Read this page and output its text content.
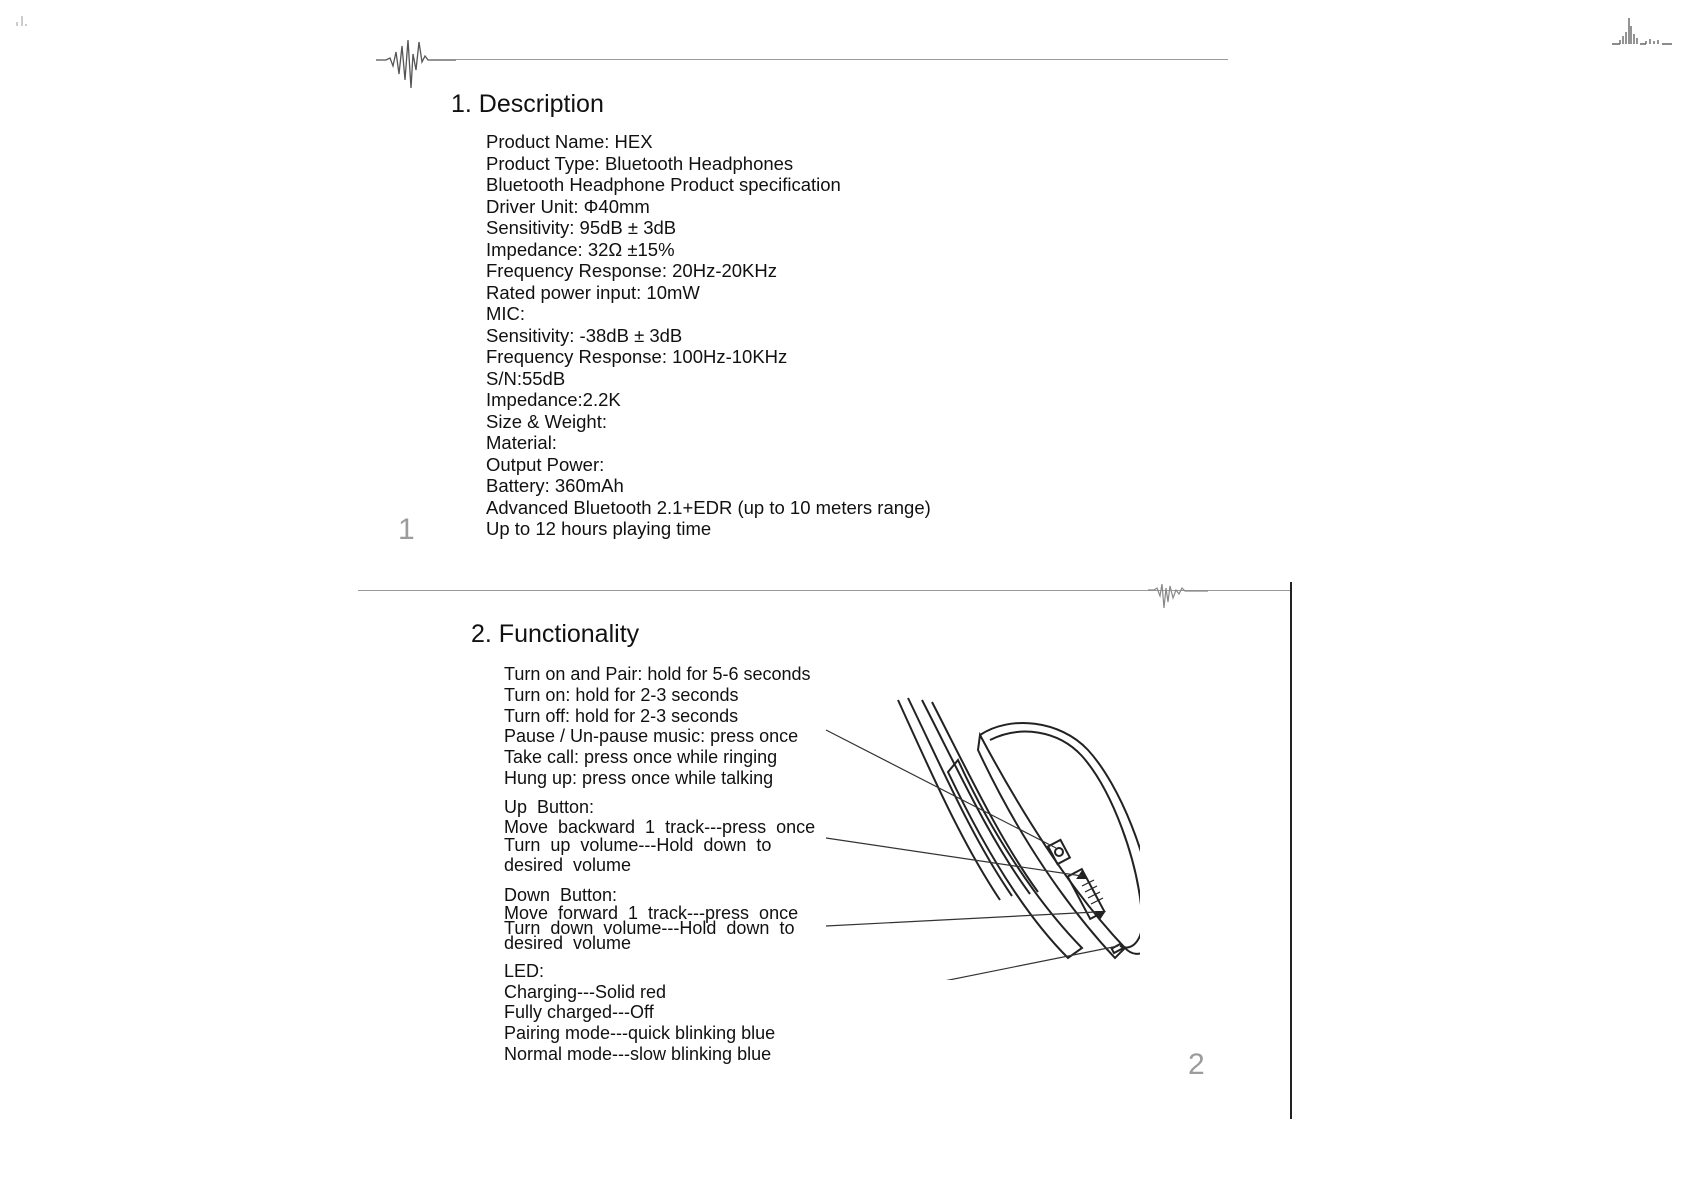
1. Description
Product Name: HEX
Product Type: Bluetooth Headphones
Bluetooth Headphone Product specification
Driver Unit: Φ40mm
Sensitivity: 95dB ± 3dB
Impedance: 32Ω ±15%
Frequency Response: 20Hz-20KHz
Rated power input: 10mW
MIC:
Sensitivity: -38dB ± 3dB
Frequency Response: 100Hz-10KHz
S/N:55dB
Impedance:2.2K
Size & Weight:
Material:
Output Power:
Battery: 360mAh
Advanced Bluetooth 2.1+EDR (up to 10 meters range)
Up to 12 hours playing time
1
2. Functionality
Turn on and Pair: hold for 5-6 seconds
Turn on: hold for 2-3 seconds
Turn off: hold for 2-3 seconds
Pause / Un-pause music: press once
Take call: press once while ringing
Hung up: press once while talking
Up  Button:
Move  backward  1  track---press  once
Turn  up  volume---Hold  down  to
desired  volume
Down  Button:
Move  forward  1  track---press  once
Turn  down  volume---Hold  down  to
desired  volume
LED:
Charging---Solid red
Fully charged---Off
Pairing mode---quick blinking blue
Normal mode---slow blinking blue	2
